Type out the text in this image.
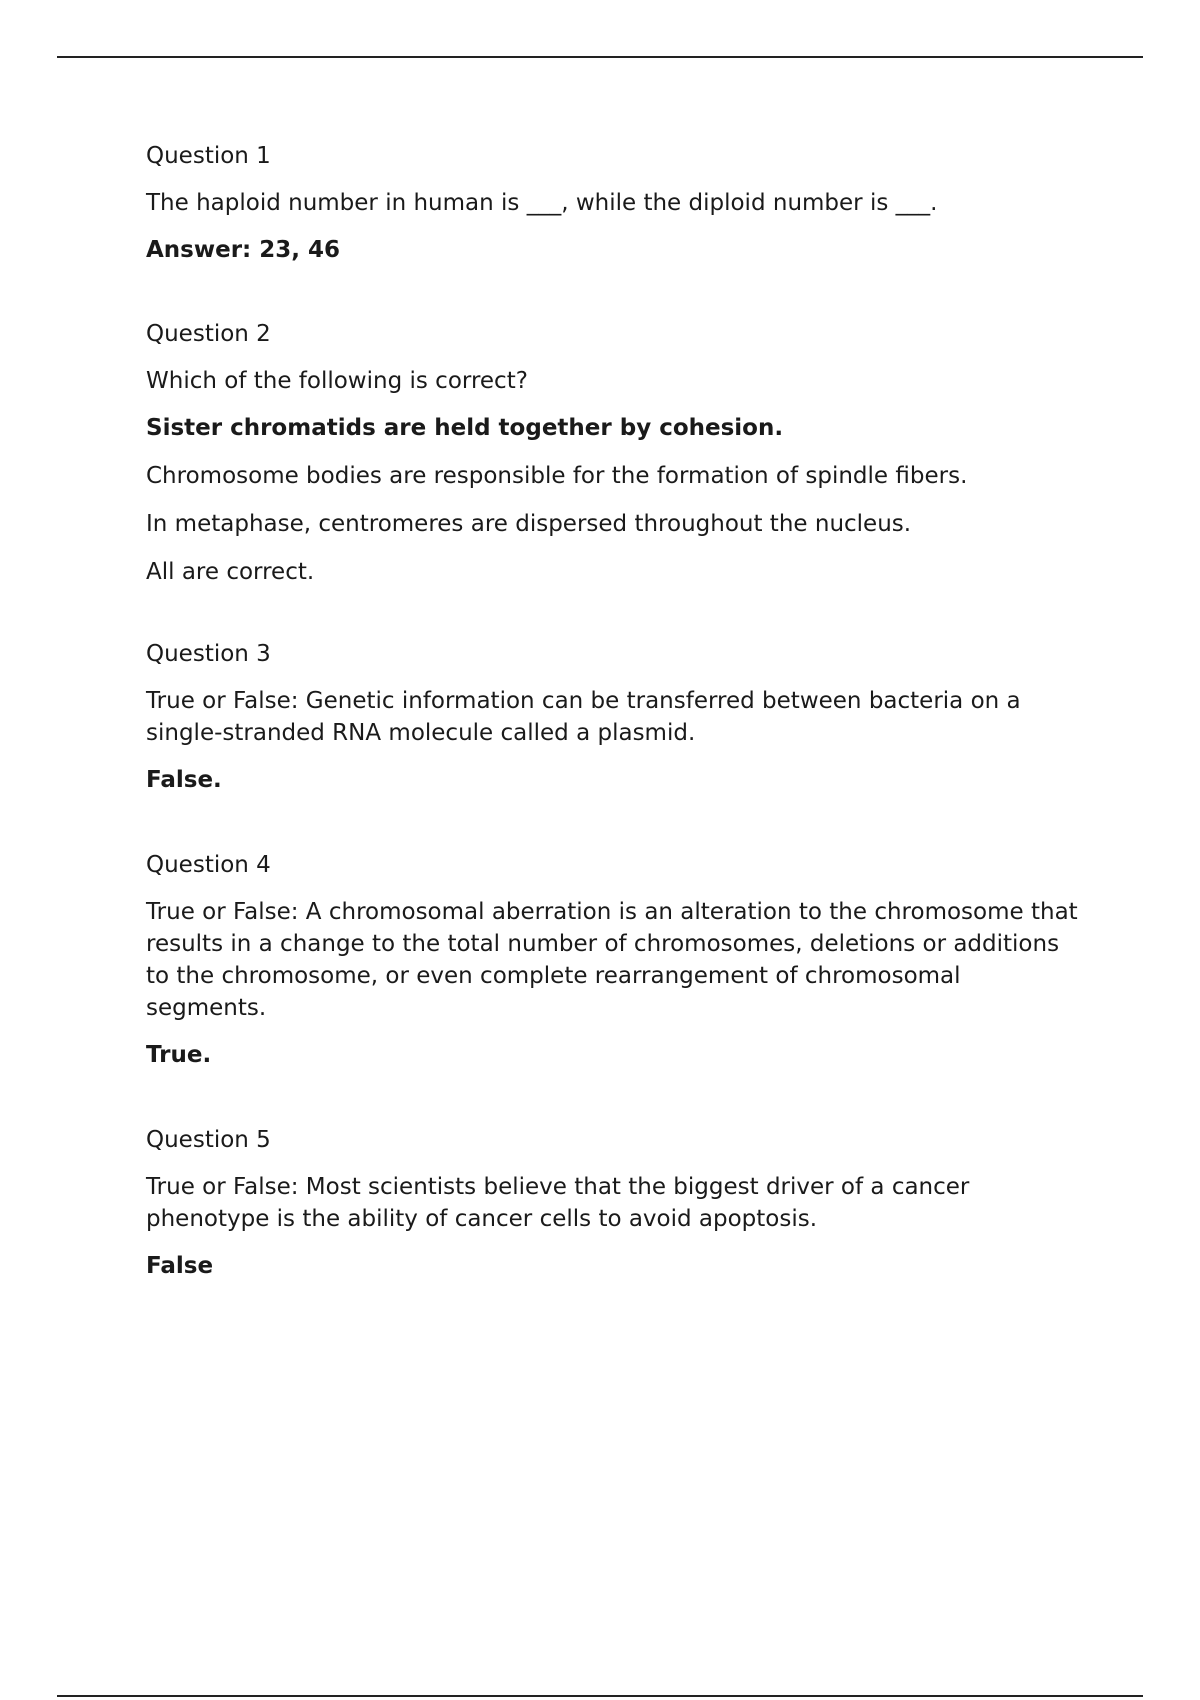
Question 1

The haploid number in human is ___, while the diploid number is ___.

Answer: 23, 46

Question 2

Which of the following is correct?

Sister chromatids are held together by cohesion.

Chromosome bodies are responsible for the formation of spindle fibers.

In metaphase, centromeres are dispersed throughout the nucleus.

All are correct.

Question 3

True or False: Genetic information can be transferred between bacteria on a single-stranded RNA molecule called a plasmid.

False.

Question 4

True or False: A chromosomal aberration is an alteration to the chromosome that results in a change to the total number of chromosomes, deletions or additions to the chromosome, or even complete rearrangement of chromosomal segments.

True.

Question 5

True or False: Most scientists believe that the biggest driver of a cancer phenotype is the ability of cancer cells to avoid apoptosis.

False
